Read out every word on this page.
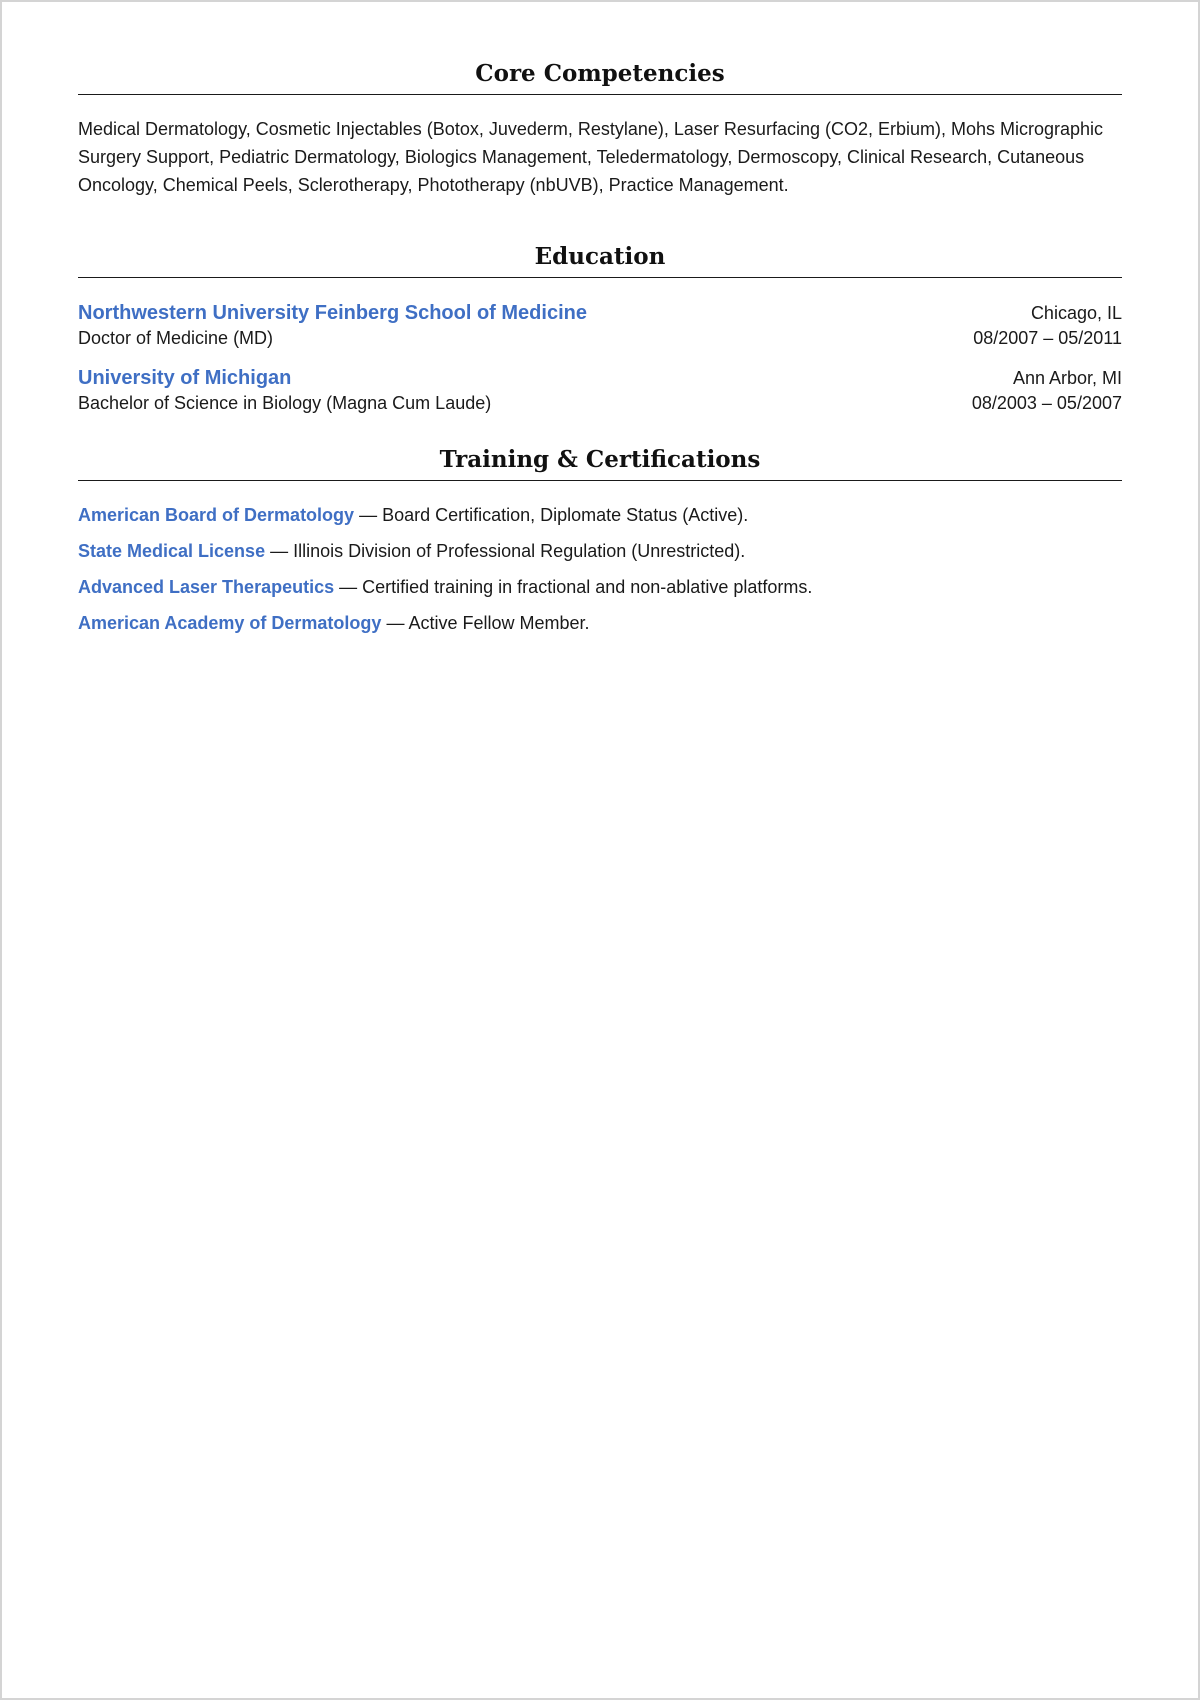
Core Competencies

Medical Dermatology, Cosmetic Injectables (Botox, Juvederm, Restylane), Laser Resurfacing (CO2, Erbium), Mohs Micrographic Surgery Support, Pediatric Dermatology, Biologics Management, Teledermatology, Dermoscopy, Clinical Research, Cutaneous Oncology, Chemical Peels, Sclerotherapy, Phototherapy (nbUVB), Practice Management.

Education
Northwestern University Feinberg School of Medicine
Doctor of Medicine (MD)
Chicago, IL
08/2007 – 05/2011
University of Michigan
Bachelor of Science in Biology (Magna Cum Laude)
Ann Arbor, MI
08/2003 – 05/2007
Training & Certifications
American Board of Dermatology — Board Certification, Diplomate Status (Active).
State Medical License — Illinois Division of Professional Regulation (Unrestricted).
Advanced Laser Therapeutics — Certified training in fractional and non-ablative platforms.
American Academy of Dermatology — Active Fellow Member.
